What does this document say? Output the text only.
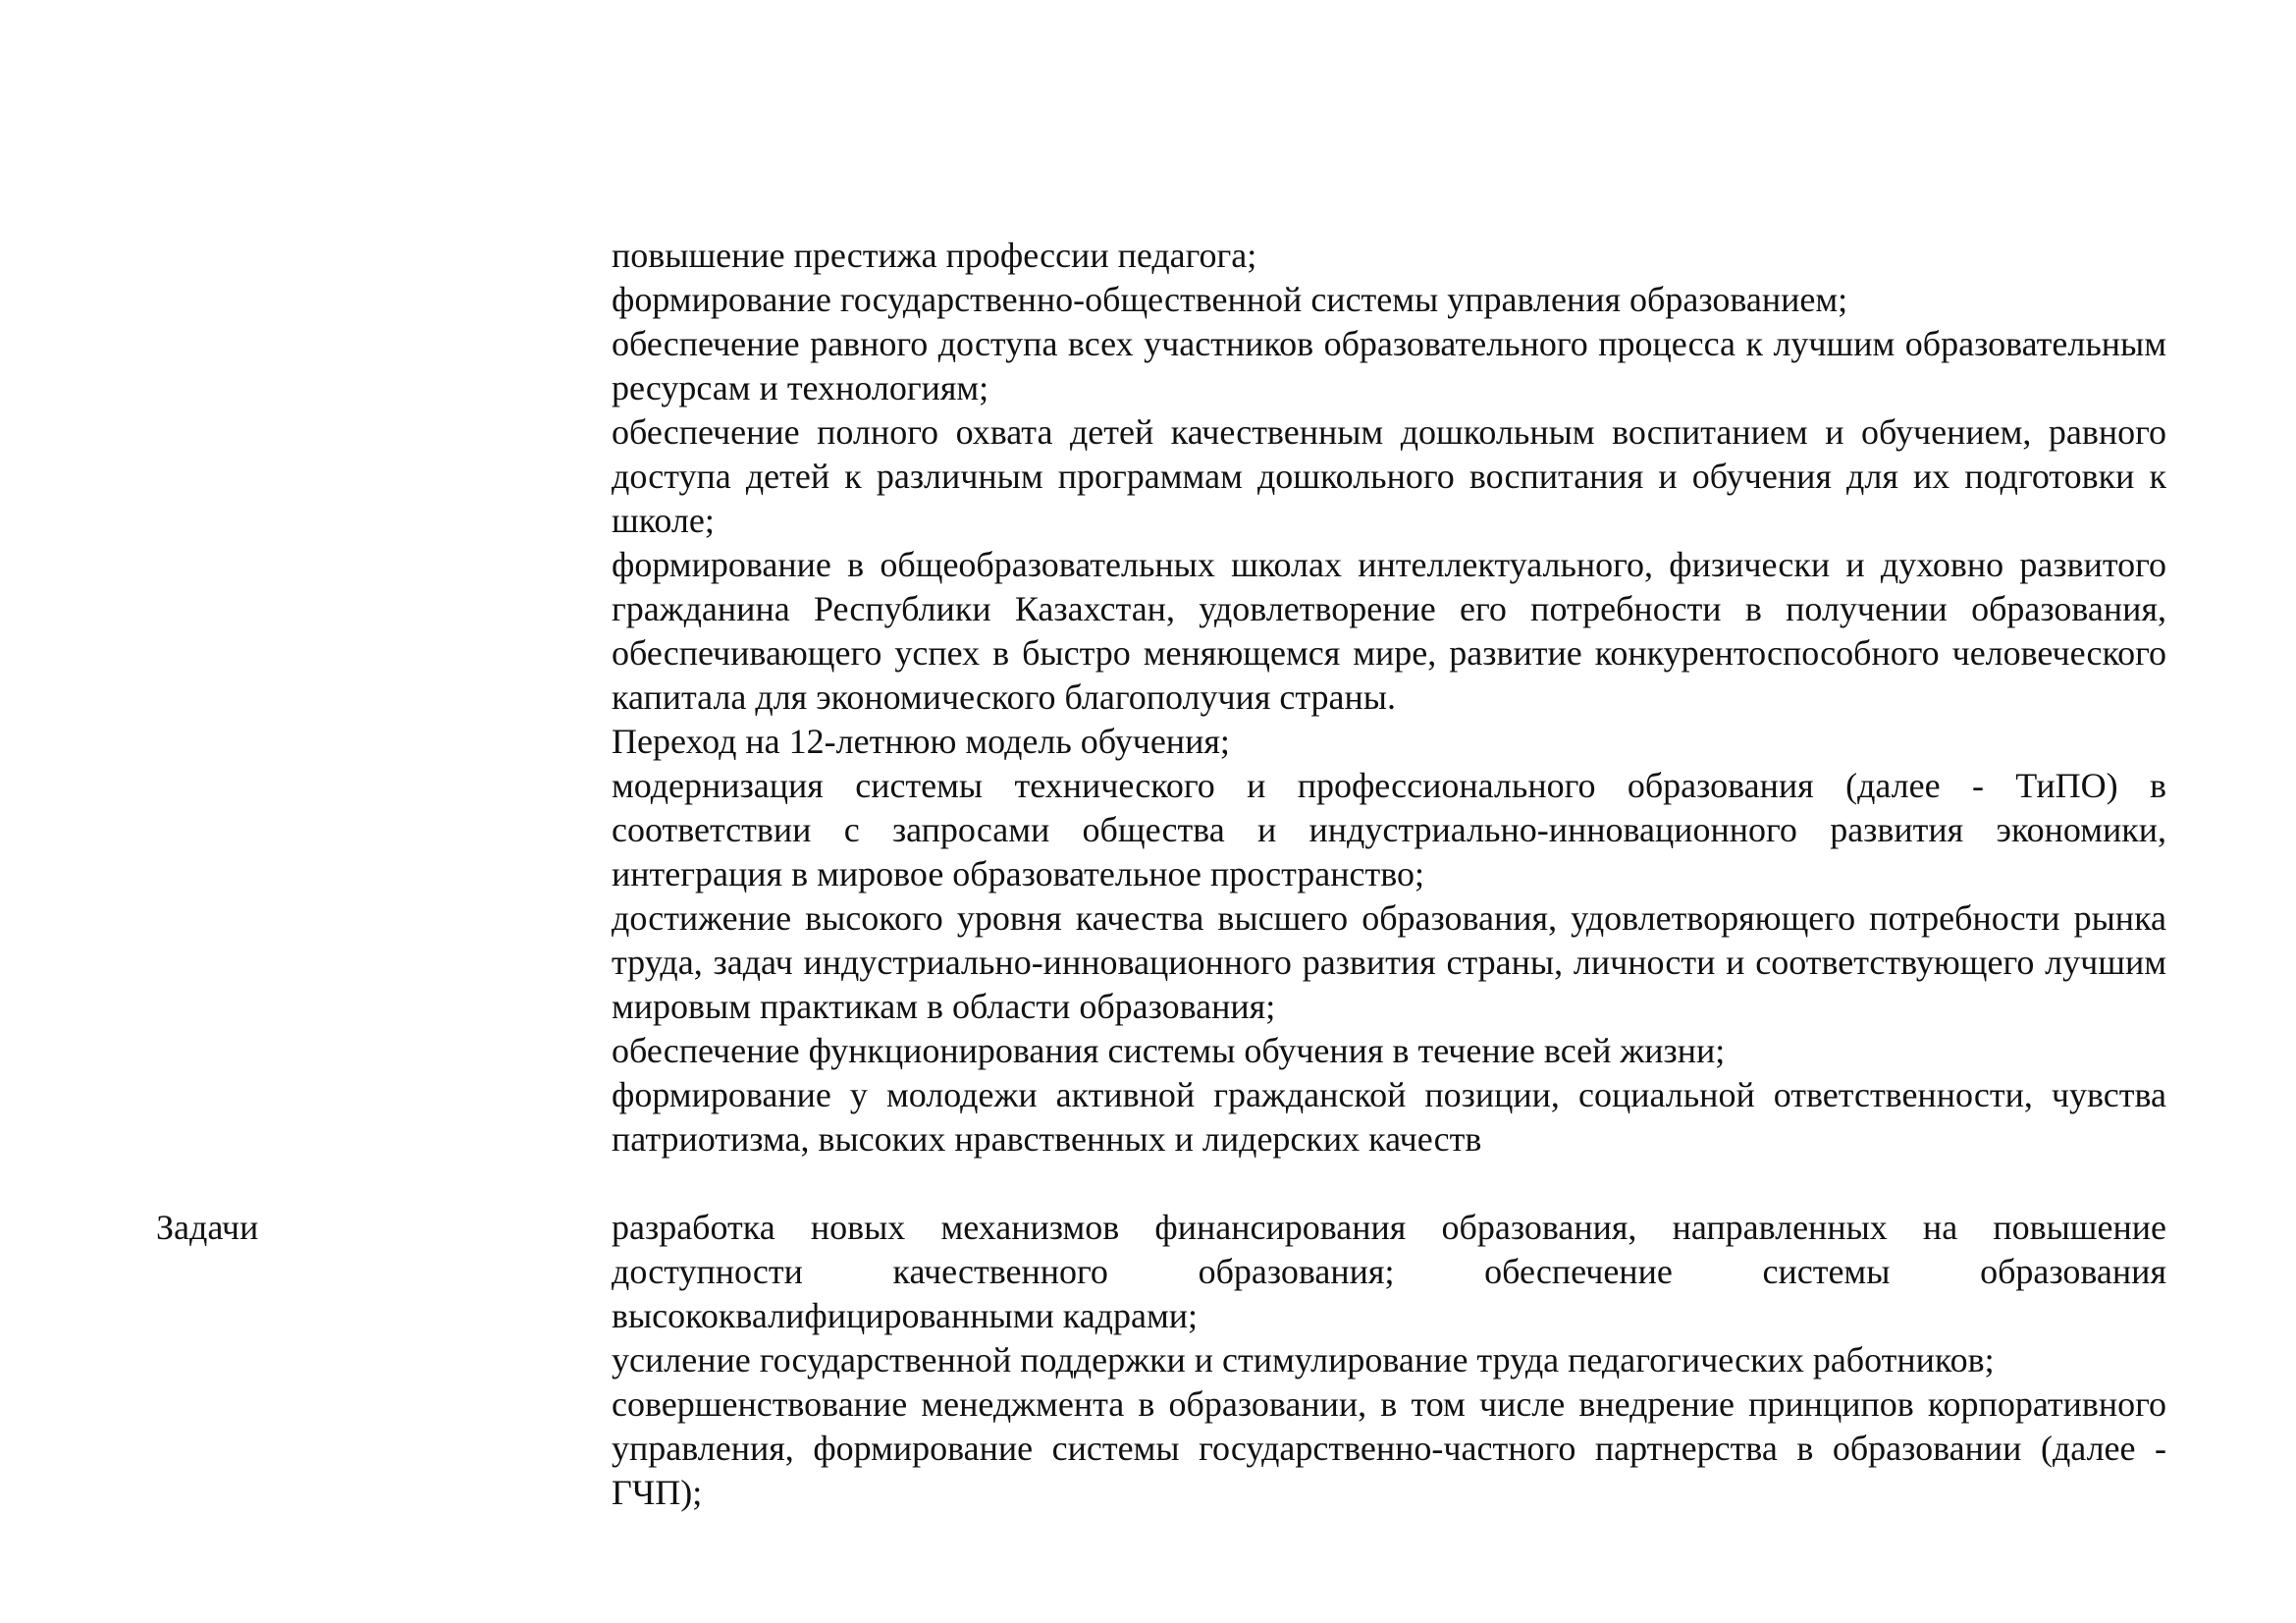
повышение престижа профессии педагога;

формирование государственно-общественной системы управления образованием;

обеспечение равного доступа всех участников образовательного процесса к лучшим образовательным ресурсам и технологиям;

обеспечение полного охвата детей качественным дошкольным воспитанием и обучением, равного доступа детей к различным программам дошкольного воспитания и обучения для их подготовки к школе;

формирование в общеобразовательных школах интеллектуального, физически и духовно развитого гражданина Республики Казахстан, удовлетворение его потребности в получении образования, обеспечивающего успех в быстро меняющемся мире, развитие конкурентоспособного человеческого капитала для экономического благополучия страны.

Переход на 12-летнюю модель обучения;

модернизация системы технического и профессионального образования (далее - ТиПО) в соответствии с запросами общества и индустриально-инновационного развития экономики, интеграция в мировое образовательное пространство;

достижение высокого уровня качества высшего образования, удовлетворяющего потребности рынка труда, задач индустриально-инновационного развития страны, личности и соответствующего лучшим мировым практикам в области образования;

обеспечение функционирования системы обучения в течение всей жизни;

формирование у молодежи активной гражданской позиции, социальной ответственности, чувства патриотизма, высоких нравственных и лидерских качеств

Задачи	разработка новых механизмов финансирования образования, направленных на повышение доступности качественного образования; обеспечение системы образования высококвалифицированными кадрами;

усиление государственной поддержки и стимулирование труда педагогических работников;

совершенствование менеджмента в образовании, в том числе внедрение принципов корпоративного управления, формирование системы государственно-частного партнерства в образовании (далее - ГЧП);
